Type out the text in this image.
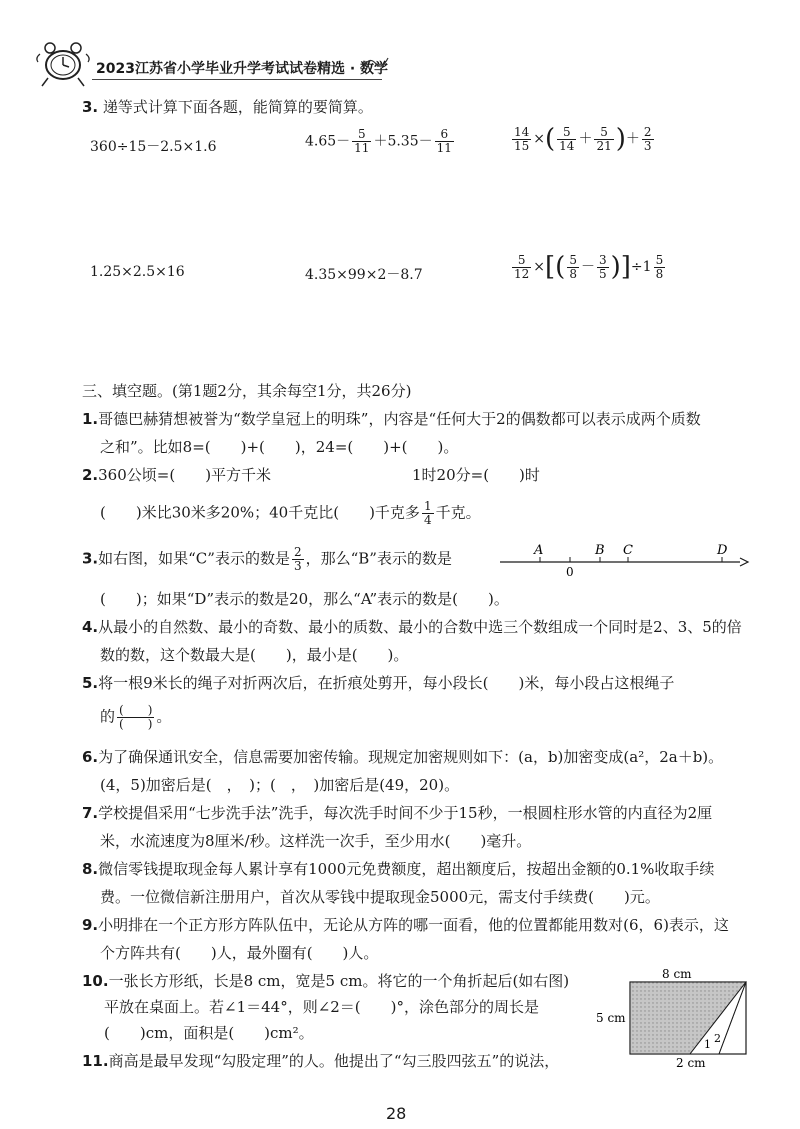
2023江苏省小学毕业升学考试试卷精选 · 数学
3. 递等式计算下面各题，能简算的要简算。
360÷15－2.5×1.6	$4.65- \frac{5}{11} +5.35- \frac{6}{11}$	$\frac{14}{15}$ ×( $\frac{5}{14} + \frac{5}{21}$ )＋ $\frac{2}{3}$
1.25×2.5×16	4.35×99×2－8.7	$\frac{5}{12}$ ×[( $\frac{5}{8} - \frac{3}{5} )]\div 1 \frac{5}{8}$
三、填空题。(第1题2分，其余每空1分，共26分)
1.哥德巴赫猜想被誉为“数学皇冠上的明珠”，内容是“任何大于2的偶数都可以表示成两个质数
之和”。比如8=(　　)+(　　)，24=(　　)+(　　)。
2.360公顷=(　　)平方千米	1时20分=(　　)时
(　　)米比30米多20%；40千克比(　　)千克多 $\frac{1}{4}$ 千克。
3.如右图，如果“C”表示的数是 $\frac{2}{3}$ ，那么“B”表示的数是	A
0
B C	D
(　　)；如果“D”表示的数是20，那么“A”表示的数是(　　)。
4.从最小的自然数、最小的奇数、最小的质数、最小的合数中选三个数组成一个同时是2、3、5的倍
数的数，这个数最大是(　　)，最小是(　　)。
5.将一根9米长的绳子对折两次后，在折痕处剪开，每小段长(　　)米，每小段占这根绳子
的 $\frac{( )}{( )}$ 。
6.为了确保通讯安全，信息需要加密传输。现规定加密规则如下：(a，b)加密变成(a²，2a＋b)。
(4，5)加密后是(　，　)；(　，　)加密后是(49，20)。
7.学校提倡采用“七步洗手法”洗手，每次洗手时间不少于15秒，一根圆柱形水管的内直径为2厘
米，水流速度为8厘米/秒。这样洗一次手，至少用水(　　)毫升。
8.微信零钱提取现金每人累计享有1000元免费额度，超出额度后，按超出金额的0.1%收取手续
费。一位微信新注册用户，首次从零钱中提取现金5000元，需支付手续费(　　)元。
9.小明排在一个正方形方阵队伍中，无论从方阵的哪一面看，他的位置都能用数对(6，6)表示，这
个方阵共有(　　)人，最外圈有(　　)人。
10.一张长方形纸，长是8 cm，宽是5 cm。将它的一个角折起后(如右图)
平放在桌面上。若∠1＝44°，则∠2＝(　　)°，涂色部分的周长是
(　　)cm，面积是(　　)cm²。
8 cm
1 2
5 cm
2 cm
11.商高是最早发现“勾股定理”的人。他提出了“勾三股四弦五”的说法，
28
